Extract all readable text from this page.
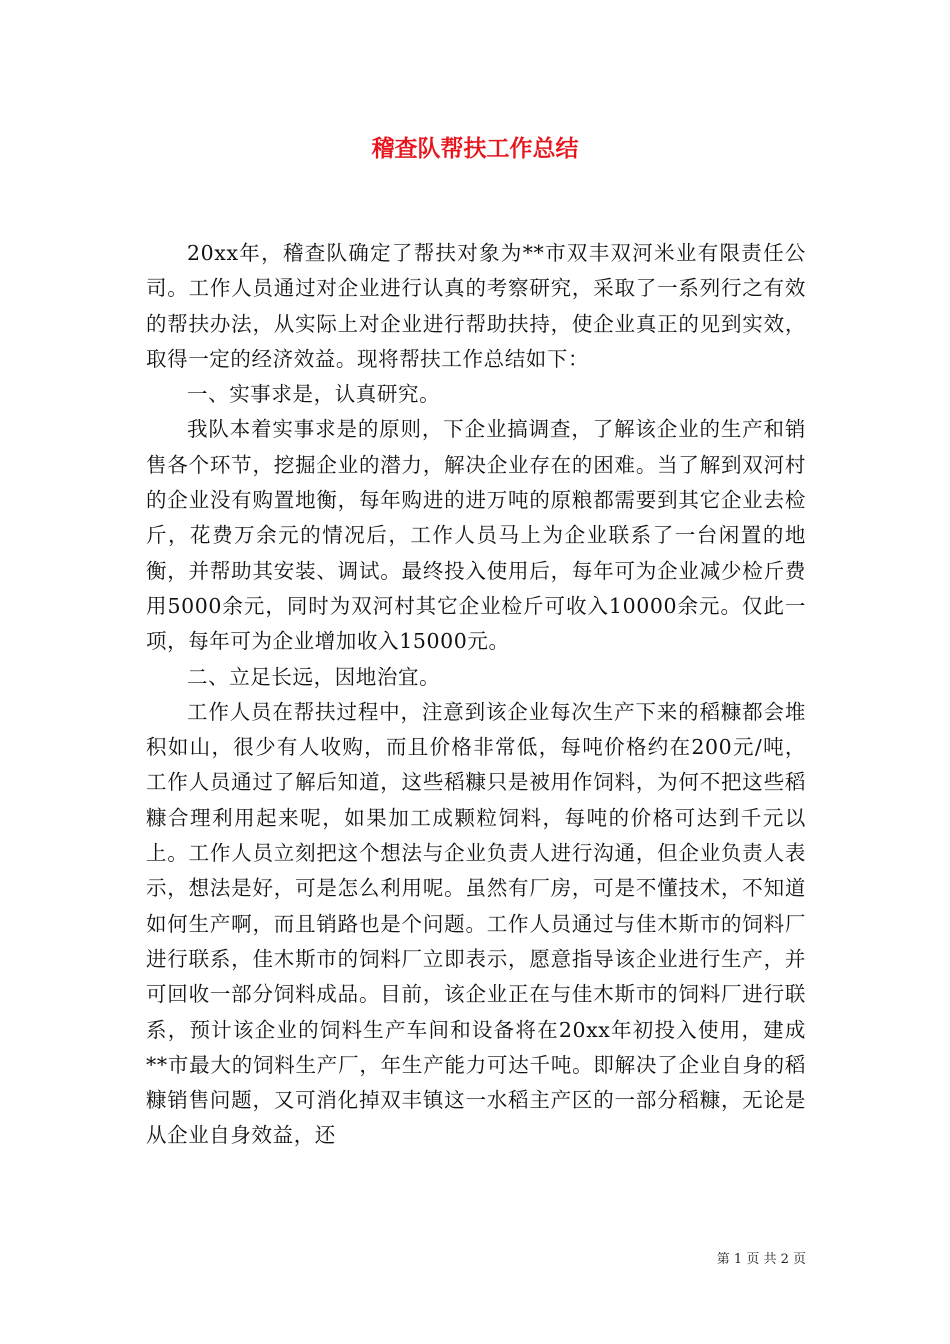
稽查队帮扶工作总结

20xx年，稽查队确定了帮扶对象为**市双丰双河米业有限责任公司。工作人员通过对企业进行认真的考察研究，采取了一系列行之有效的帮扶办法，从实际上对企业进行帮助扶持，使企业真正的见到实效，取得一定的经济效益。现将帮扶工作总结如下：

一、实事求是，认真研究。

我队本着实事求是的原则，下企业搞调查，了解该企业的生产和销售各个环节，挖掘企业的潜力，解决企业存在的困难。当了解到双河村的企业没有购置地衡，每年购进的进万吨的原粮都需要到其它企业去检斤，花费万余元的情况后，工作人员马上为企业联系了一台闲置的地衡，并帮助其安装、调试。最终投入使用后，每年可为企业减少检斤费用5000余元，同时为双河村其它企业检斤可收入10000余元。仅此一项，每年可为企业增加收入15000元。

二、立足长远，因地治宜。

工作人员在帮扶过程中，注意到该企业每次生产下来的稻糠都会堆积如山，很少有人收购，而且价格非常低，每吨价格约在200元/吨，工作人员通过了解后知道，这些稻糠只是被用作饲料，为何不把这些稻糠合理利用起来呢，如果加工成颗粒饲料，每吨的价格可达到千元以上。工作人员立刻把这个想法与企业负责人进行沟通，但企业负责人表示，想法是好，可是怎么利用呢。虽然有厂房，可是不懂技术，不知道如何生产啊，而且销路也是个问题。工作人员通过与佳木斯市的饲料厂进行联系，佳木斯市的饲料厂立即表示，愿意指导该企业进行生产，并可回收一部分饲料成品。目前，该企业正在与佳木斯市的饲料厂进行联系，预计该企业的饲料生产车间和设备将在20xx年初投入使用，建成**市最大的饲料生产厂，年生产能力可达千吨。即解决了企业自身的稻糠销售问题，又可消化掉双丰镇这一水稻主产区的一部分稻糠，无论是从企业自身效益，还

第 1 页 共 2 页
